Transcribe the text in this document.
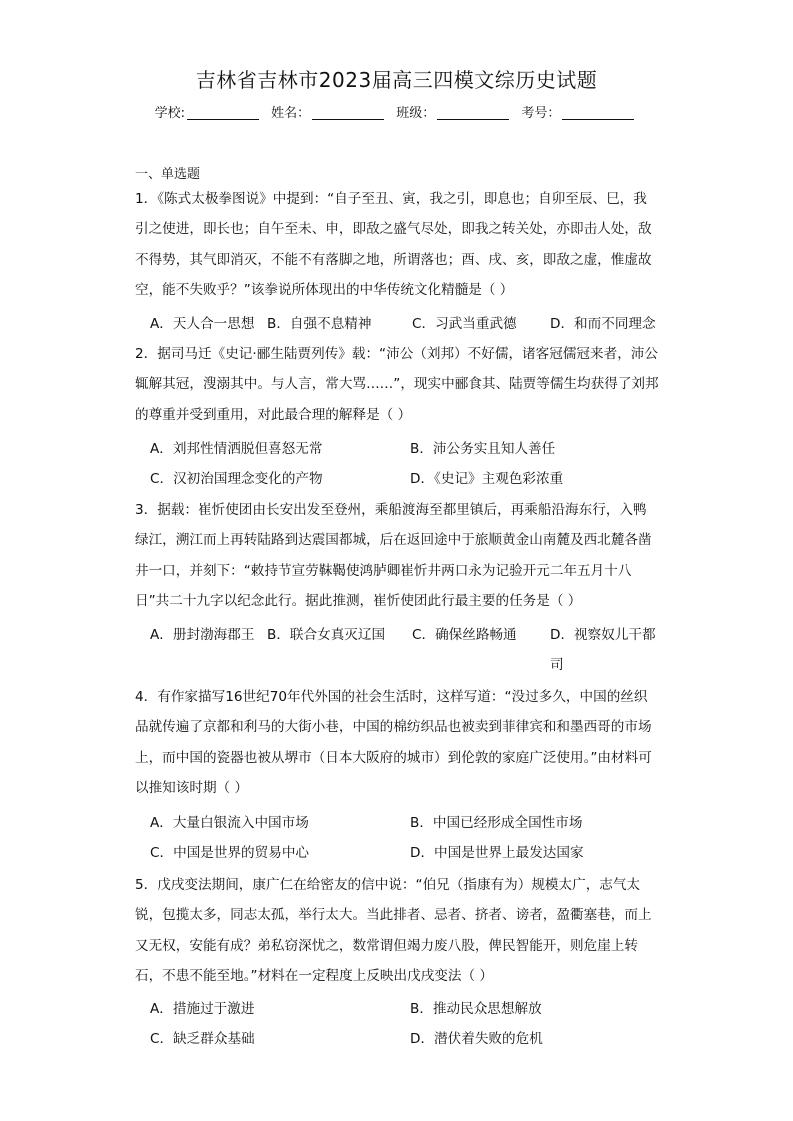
吉林省吉林市2023届高三四模文综历史试题
学校:	姓名：	班级：	考号：
一、单选题
1．《陈式太极拳图说》中提到：“自子至丑、寅，我之引，即息也；自卯至辰、巳，我引之使进，即长也；自午至未、申，即敌之盛气尽处，即我之转关处，亦即击人处，敌不得势，其气即消灭，不能不有落脚之地，所谓落也；酉、戌、亥，即敌之虚，惟虚故空，能不失败乎？”该拳说所体现出的中华传统文化精髓是（ ）
A．天人合一思想 B．自强不息精神	C．习武当重武德 D．和而不同理念
2．据司马迁《史记·郦生陆贾列传》载：“沛公（刘邦）不好儒，诸客冠儒冠来者，沛公辄解其冠，溲溺其中。与人言，常大骂……”，现实中郦食其、陆贾等儒生均获得了刘邦的尊重并受到重用，对此最合理的解释是（ ）
A．刘邦性情洒脱但喜怒无常	B．沛公务实且知人善任
C．汉初治国理念变化的产物	D．《史记》主观色彩浓重
3．据载：崔忻使团由长安出发至登州，乘船渡海至都里镇后，再乘船沿海东行，入鸭绿江，溯江而上再转陆路到达震国都城，后在返回途中于旅顺黄金山南麓及西北麓各凿井一口，并刻下：“敕持节宣劳靺鞨使鸿胪卿崔忻井两口永为记验开元二年五月十八日”共二十九字以纪念此行。据此推测，崔忻使团此行最主要的任务是（ ）
A．册封渤海郡王 B．联合女真灭辽国 C．确保丝路畅通 D．视察奴儿干都司
4．有作家描写16世纪70年代外国的社会生活时，这样写道：“没过多久，中国的丝织品就传遍了京都和利马的大街小巷，中国的棉纺织品也被卖到菲律宾和和墨西哥的市场上，而中国的瓷器也被从堺市（日本大阪府的城市）到伦敦的家庭广泛使用。”由材料可以推知该时期（ ）
A．大量白银流入中国市场	B．中国已经形成全国性市场
C．中国是世界的贸易中心	D．中国是世界上最发达国家
5．戊戌变法期间，康广仁在给密友的信中说：“伯兄（指康有为）规模太广，志气太锐，包揽太多，同志太孤，举行太大。当此排者、忌者、挤者、谤者，盈衢塞巷，而上又无权，安能有成？弟私窃深忧之，数常谓但竭力废八股，俾民智能开，则危崖上转石，不患不能至地。”材料在一定程度上反映出戊戌变法（ ）
A．措施过于激进	B．推动民众思想解放
C．缺乏群众基础	D．潜伏着失败的危机
